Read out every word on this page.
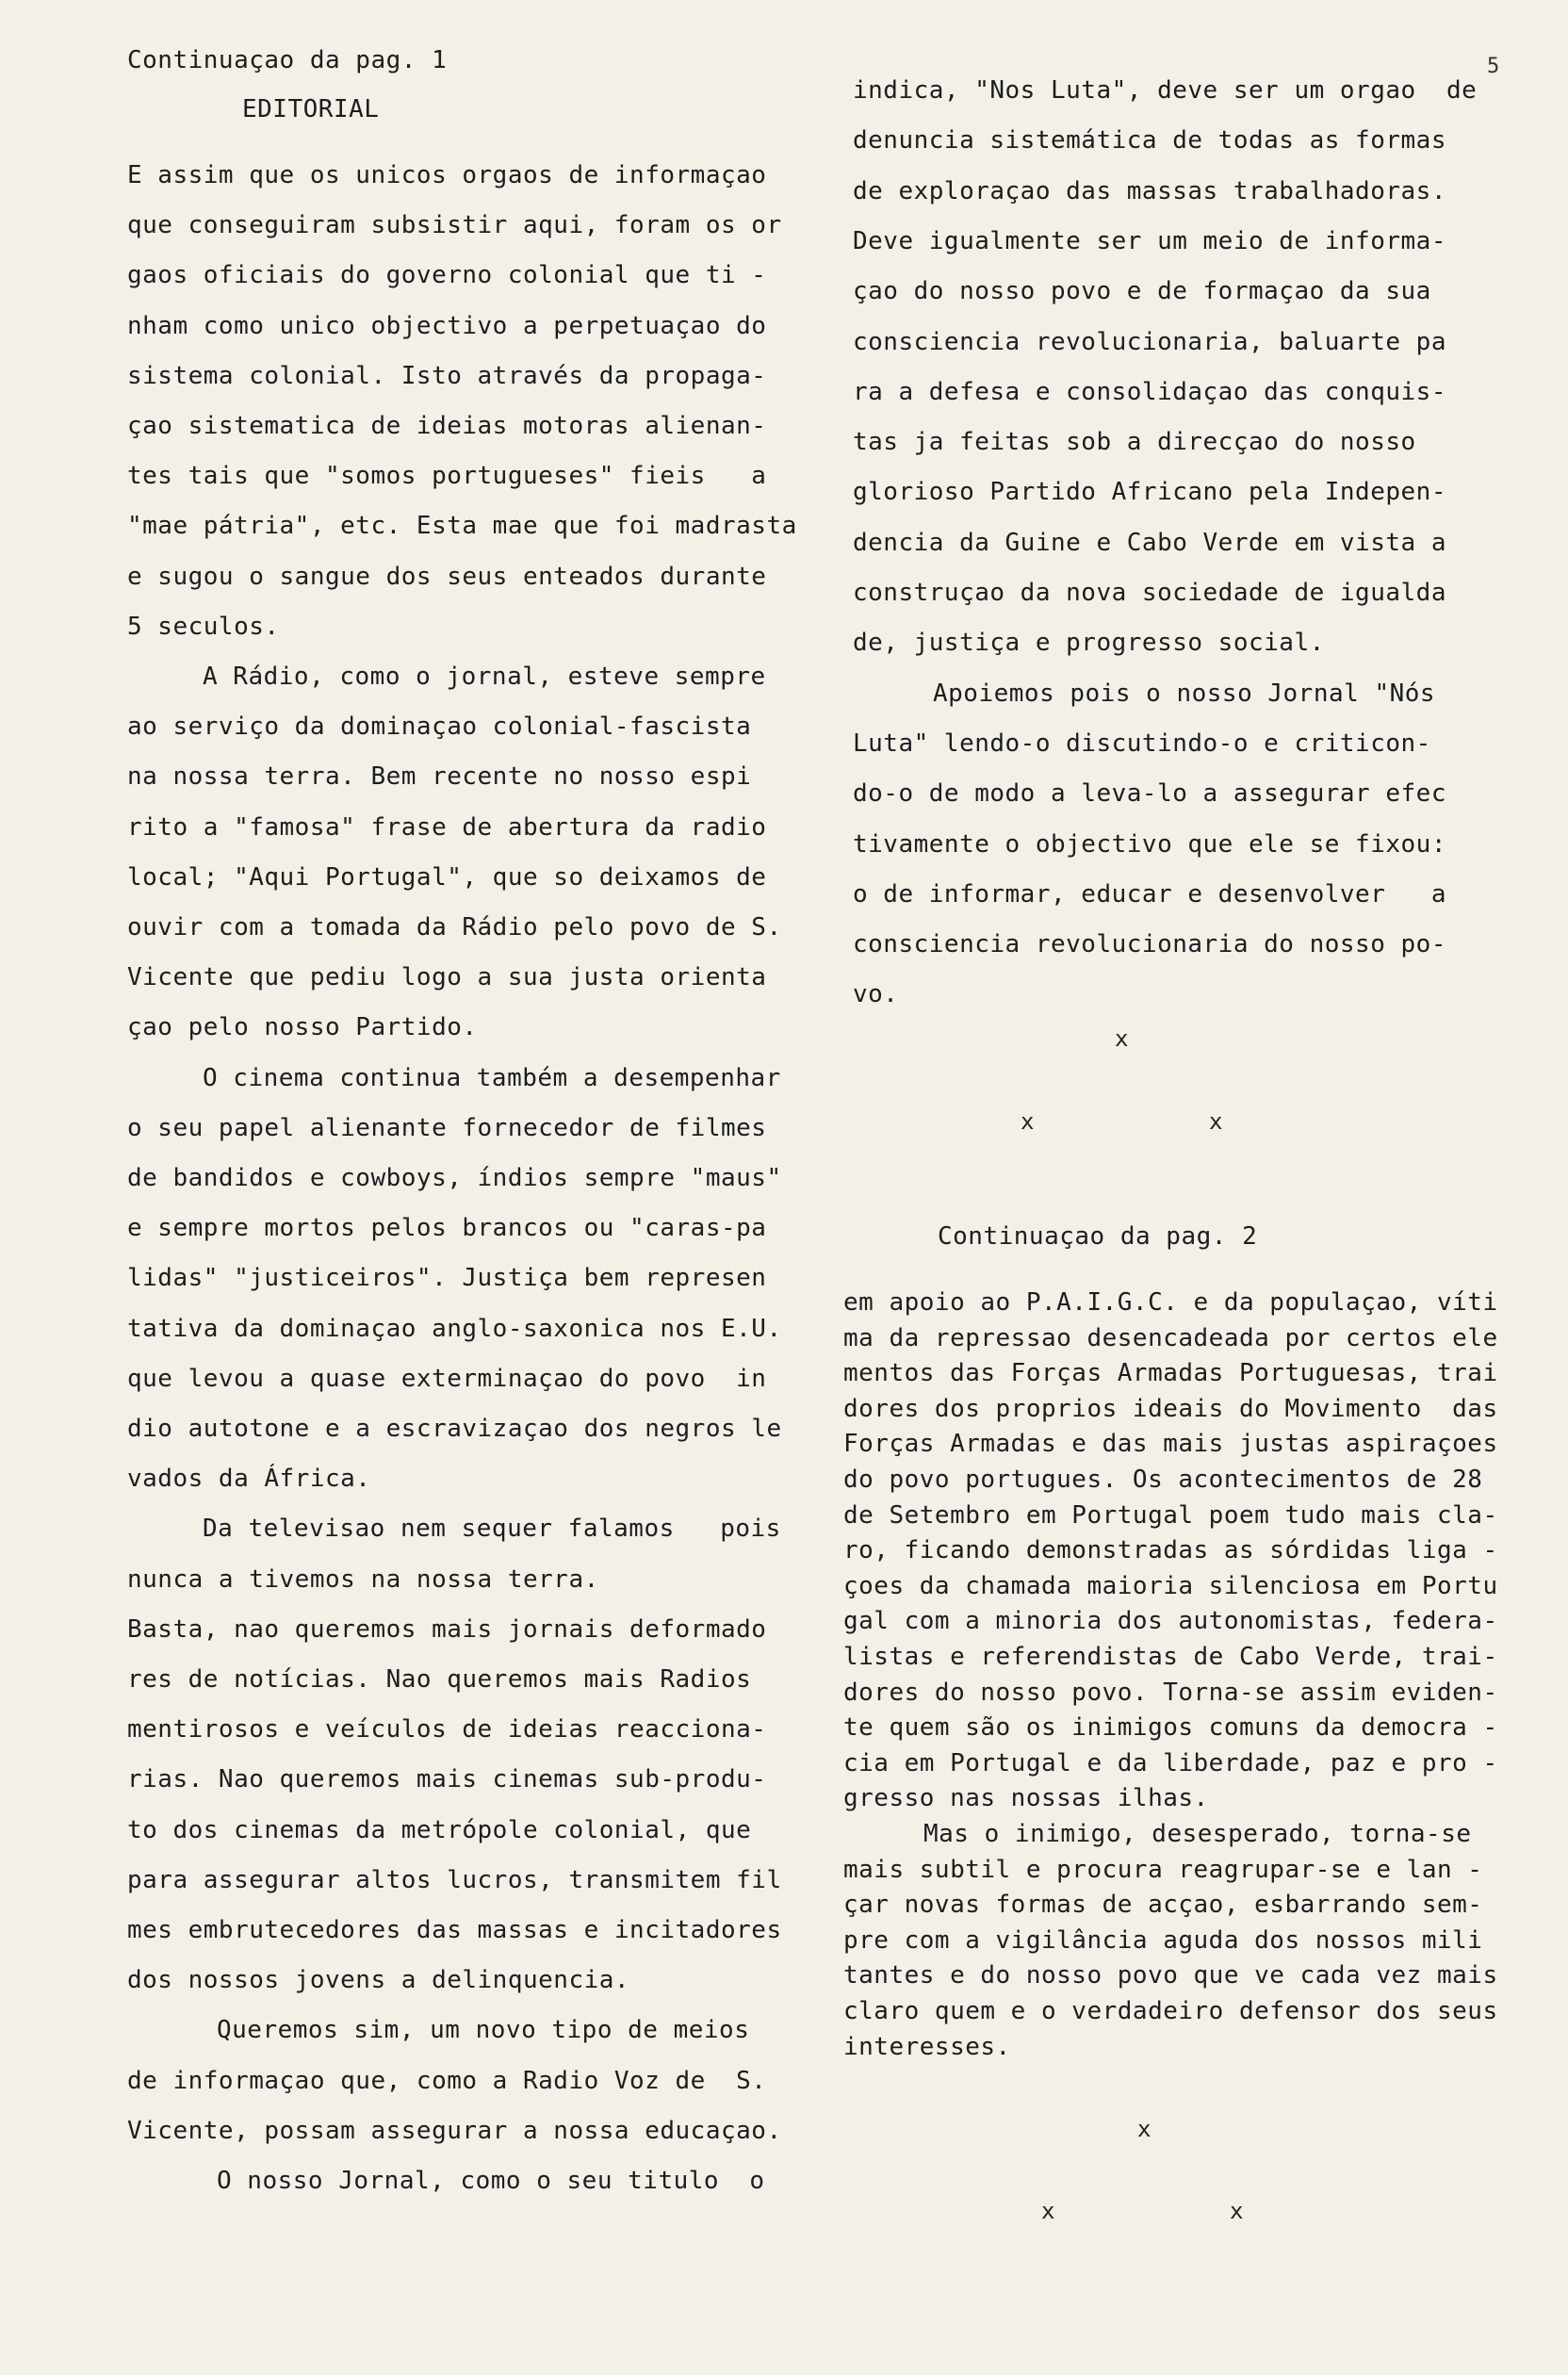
Continuaçao da pag. 1
EDITORIAL
E assim que os unicos orgaos de informaçao
que conseguiram subsistir aqui, foram os or
gaos oficiais do governo colonial que ti -
nham como unico objectivo a perpetuaçao do
sistema colonial. Isto através da propaga-
çao sistematica de ideias motoras alienan-
tes tais que "somos portugueses" fieis   a
"mae pátria", etc. Esta mae que foi madrasta
e sugou o sangue dos seus enteados durante
5 seculos.
A Rádio, como o jornal, esteve sempre
ao serviço da dominaçao colonial-fascista
na nossa terra. Bem recente no nosso espi
rito a "famosa" frase de abertura da radio
local; "Aqui Portugal", que so deixamos de
ouvir com a tomada da Rádio pelo povo de S.
Vicente que pediu logo a sua justa orienta
çao pelo nosso Partido.
O cinema continua também a desempenhar
o seu papel alienante fornecedor de filmes
de bandidos e cowboys, índios sempre "maus"
e sempre mortos pelos brancos ou "caras-pa
lidas" "justiceiros". Justiça bem represen
tativa da dominaçao anglo-saxonica nos E.U.
que levou a quase exterminaçao do povo  in
dio autotone e a escravizaçao dos negros le
vados da África.
Da televisao nem sequer falamos   pois
nunca a tivemos na nossa terra.
Basta, nao queremos mais jornais deformado
res de notícias. Nao queremos mais Radios
mentirosos e veículos de ideias reacciona-
rias. Nao queremos mais cinemas sub-produ-
to dos cinemas da metrópole colonial, que
para assegurar altos lucros, transmitem fil
mes embrutecedores das massas e incitadores
dos nossos jovens a delinquencia.
Queremos sim, um novo tipo de meios
de informaçao que, como a Radio Voz de  S.
Vicente, possam assegurar a nossa educaçao.
O nosso Jornal, como o seu titulo  o
indica, "Nos Luta", deve ser um orgao  de
denuncia sistemática de todas as formas
de exploraçao das massas trabalhadoras.
Deve igualmente ser um meio de informa-
çao do nosso povo e de formaçao da sua
consciencia revolucionaria, baluarte pa
ra a defesa e consolidaçao das conquis-
tas ja feitas sob a direcçao do nosso
glorioso Partido Africano pela Indepen-
dencia da Guine e Cabo Verde em vista a
construçao da nova sociedade de igualda
de, justiça e progresso social.
Apoiemos pois o nosso Jornal "Nós
Luta" lendo-o discutindo-o e criticon-
do-o de modo a leva-lo a assegurar efec
tivamente o objectivo que ele se fixou:
o de informar, educar e desenvolver   a
consciencia revolucionaria do nosso po-
vo.
Continuaçao da pag. 2
em apoio ao P.A.I.G.C. e da populaçao, víti
ma da repressao desencadeada por certos ele
mentos das Forças Armadas Portuguesas, trai
dores dos proprios ideais do Movimento  das
Forças Armadas e das mais justas aspiraçoes
do povo portugues. Os acontecimentos de 28
de Setembro em Portugal poem tudo mais cla-
ro, ficando demonstradas as sórdidas liga -
çoes da chamada maioria silenciosa em Portu
gal com a minoria dos autonomistas, federa-
listas e referendistas de Cabo Verde, trai-
dores do nosso povo. Torna-se assim eviden-
te quem são os inimigos comuns da democra -
cia em Portugal e da liberdade, paz e pro -
gresso nas nossas ilhas.
Mas o inimigo, desesperado, torna-se
mais subtil e procura reagrupar-se e lan -
çar novas formas de acçao, esbarrando sem-
pre com a vigilância aguda dos nossos mili
tantes e do nosso povo que ve cada vez mais
claro quem e o verdadeiro defensor dos seus
interesses.
x
x	x
x
x	x
5
